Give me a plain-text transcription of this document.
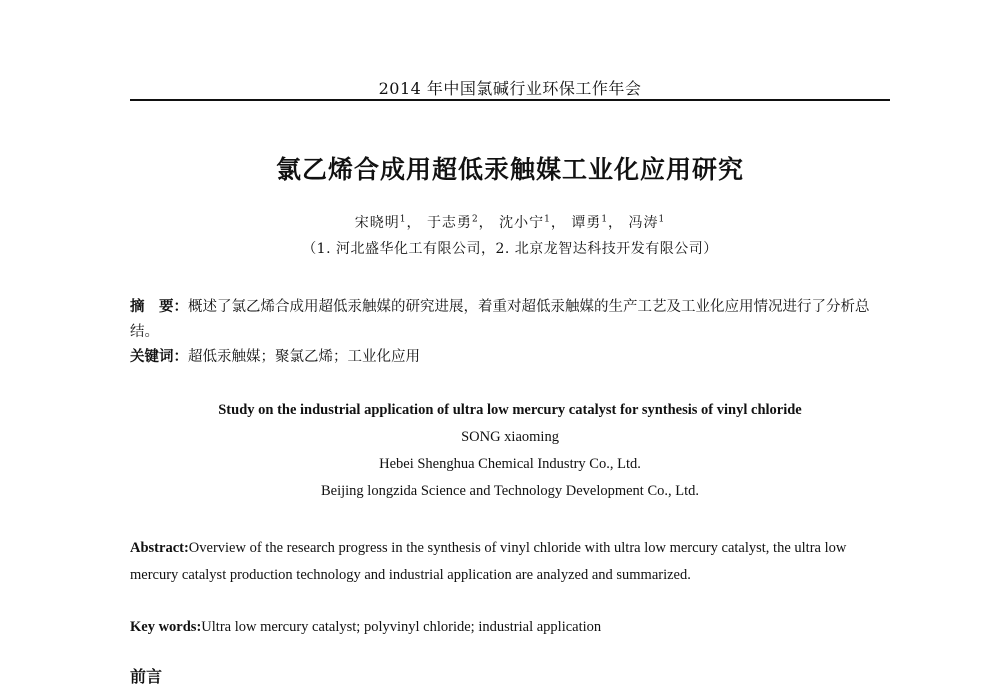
2014 年中国氯碱行业环保工作年会
氯乙烯合成用超低汞触媒工业化应用研究
宋晓明$^1$， 于志勇$^2$， 沈小宁$^1$， 谭勇$^1$， 冯涛$^1$
（1. 河北盛华化工有限公司，2. 北京龙智达科技开发有限公司）
摘　要：概述了氯乙烯合成用超低汞触媒的研究进展，着重对超低汞触媒的生产工艺及工业化应用情况进行了分析总结。
关键词：超低汞触媒；聚氯乙烯；工业化应用
Study on the industrial application of ultra low mercury catalyst for synthesis of vinyl chloride
SONG xiaoming
Hebei Shenghua Chemical Industry Co., Ltd.
Beijing longzida Science and Technology Development Co., Ltd.
Abstract:Overview of the research progress in the synthesis of vinyl chloride with ultra low mercury catalyst, the ultra low mercury catalyst production technology and industrial application are analyzed and summarized.
Key words:Ultra low mercury catalyst; polyvinyl chloride; industrial application
前言
